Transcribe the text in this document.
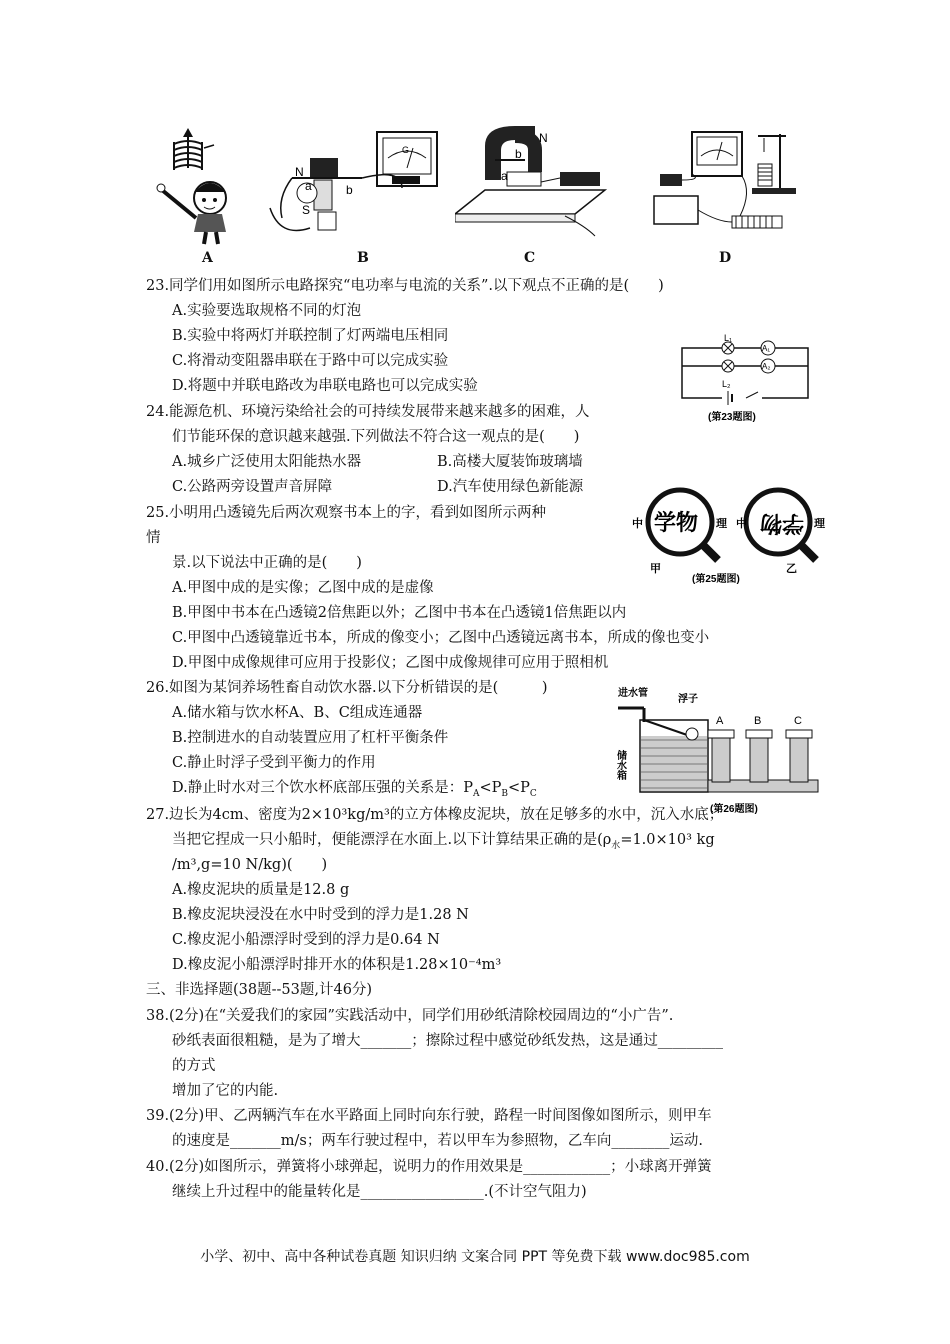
A
G
N
a	b
S
B
N
b
a
C	D
23.同学们用如图所示电路探究“电功率与电流的关系”.以下观点不正确的是(　　)
A.实验要选取规格不同的灯泡
B.实验中将两灯并联控制了灯两端电压相同
C.将滑动变阻器串联在于路中可以完成实验
D.将题中并联电路改为串联电路也可以完成实验
L₁
A₁
A₂
L₂
(第23题图)
24.能源危机、环境污染给社会的可持续发展带来越来越多的困难，人
们节能环保的意识越来越强.下列做法不符合这一观点的是(　　)
A.城乡广泛使用太阳能热水器	B.高楼大厦装饰玻璃墙
C.公路两旁设置声音屏障	D.汽车使用绿色新能源
25.小明用凸透镜先后两次观察书本上的字，看到如图所示两种
情
景.以下说法中正确的是(　　)
A.甲图中成的是实像；乙图中成的是虚像
B.甲图中书本在凸透镜2倍焦距以外；乙图中书本在凸透镜1倍焦距以内
C.甲图中凸透镜靠近书本，所成的像变小；乙图中凸透镜远离书本，所成的像也变小
D.甲图中成像规律可应用于投影仪；乙图中成像规律可应用于照相机
中 学物 理 中 学物 理
甲	乙
(第25题图)
26.如图为某饲养场牲畜自动饮水器.以下分析错误的是(　　　)
A.储水箱与饮水杯A、B、C组成连通器
B.控制进水的自动装置应用了杠杆平衡条件
C.静止时浮子受到平衡力的作用
D.静止时水对三个饮水杯底部压强的关系是：$P_A<P_B<P_C$
进水管
浮子
储水箱
A	B	C
(第26题图)
27.边长为4cm、密度为2×10³kg/m³的立方体橡皮泥块，放在足够多的水中，沉入水底；
当把它捏成一只小船时，便能漂浮在水面上.以下计算结果正确的是($\rho_水=1.0\times 10^3$ kg
/m³,g=10 N/kg)(　　)
A.橡皮泥块的质量是12.8 g
B.橡皮泥块浸没在水中时受到的浮力是1.28 N
C.橡皮泥小船漂浮时受到的浮力是0.64 N
D.橡皮泥小船漂浮时排开水的体积是1.28×10⁻⁴m³
三、非选择题(38题--53题,计46分)
38.(2分)在“关爱我们的家园”实践活动中，同学们用砂纸清除校园周边的“小广告”.
砂纸表面很粗糙，是为了增大_______；擦除过程中感觉砂纸发热，这是通过_________
的方式
增加了它的内能.
39.(2分)甲、乙两辆汽车在水平路面上同时向东行驶，路程一时间图像如图所示，则甲车
的速度是_______m/s；两车行驶过程中，若以甲车为参照物，乙车向________运动.
40.(2分)如图所示，弹簧将小球弹起，说明力的作用效果是____________；小球离开弹簧
继续上升过程中的能量转化是_________________.(不计空气阻力)
小学、初中、高中各种试卷真题 知识归纳 文案合同 PPT 等免费下载 www.doc985.com
